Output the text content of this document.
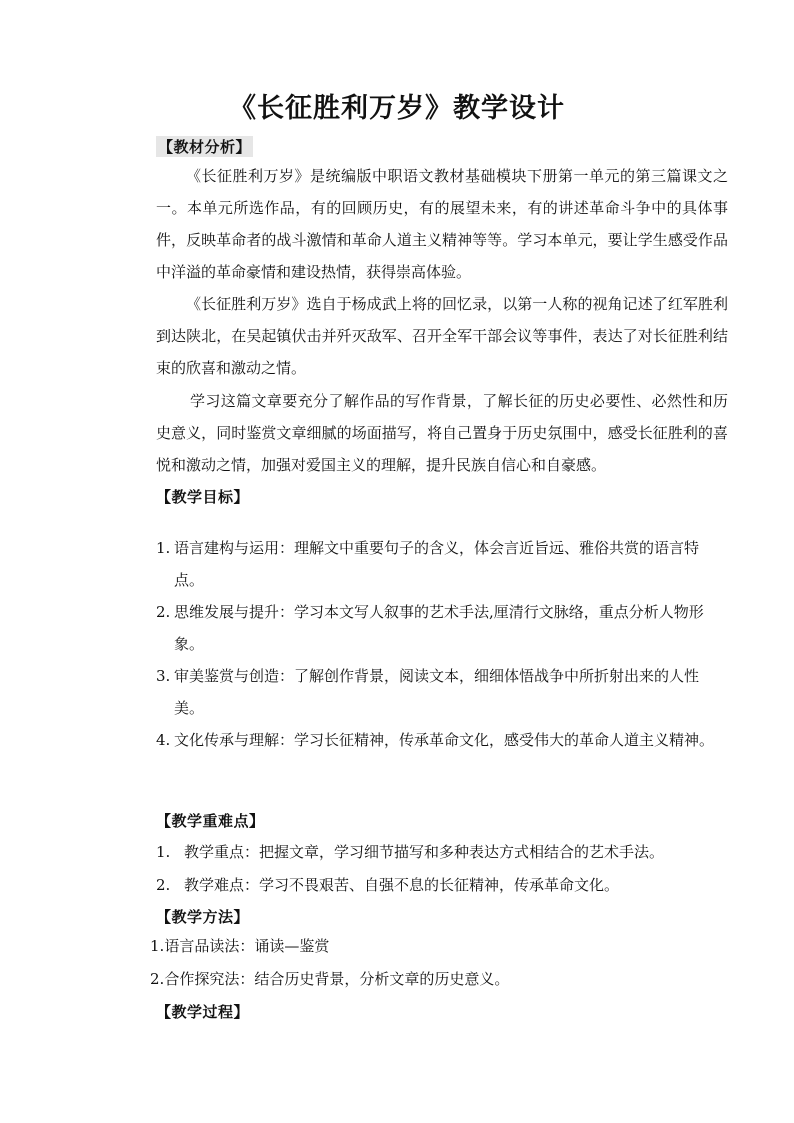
《长征胜利万岁》教学设计
【教材分析】

《长征胜利万岁》是统编版中职语文教材基础模块下册第一单元的第三篇课文之一。本单元所选作品，有的回顾历史，有的展望未来，有的讲述革命斗争中的具体事件，反映革命者的战斗激情和革命人道主义精神等等。学习本单元，要让学生感受作品中洋溢的革命豪情和建设热情，获得崇高体验。

《长征胜利万岁》选自于杨成武上将的回忆录，以第一人称的视角记述了红军胜利到达陕北，在吴起镇伏击并歼灭敌军、召开全军干部会议等事件，表达了对长征胜利结束的欣喜和激动之情。

学习这篇文章要充分了解作品的写作背景，了解长征的历史必要性、必然性和历史意义，同时鉴赏文章细腻的场面描写，将自己置身于历史氛围中，感受长征胜利的喜悦和激动之情，加强对爱国主义的理解，提升民族自信心和自豪感。

【教学目标】
1. 语言建构与运用：理解文中重要句子的含义，体会言近旨远、雅俗共赏的语言特点。
2. 思维发展与提升：学习本文写人叙事的艺术手法,厘清行文脉络，重点分析人物形象。
3. 审美鉴赏与创造：了解创作背景，阅读文本，细细体悟战争中所折射出来的人性美。
4. 文化传承与理解：学习长征精神，传承革命文化，感受伟大的革命人道主义精神。
【教学重难点】
1. 教学重点：把握文章，学习细节描写和多种表达方式相结合的艺术手法。
2. 教学难点：学习不畏艰苦、自强不息的长征精神，传承革命文化。
【教学方法】
1.语言品读法：诵读—鉴赏
2.合作探究法：结合历史背景，分析文章的历史意义。
【教学过程】
